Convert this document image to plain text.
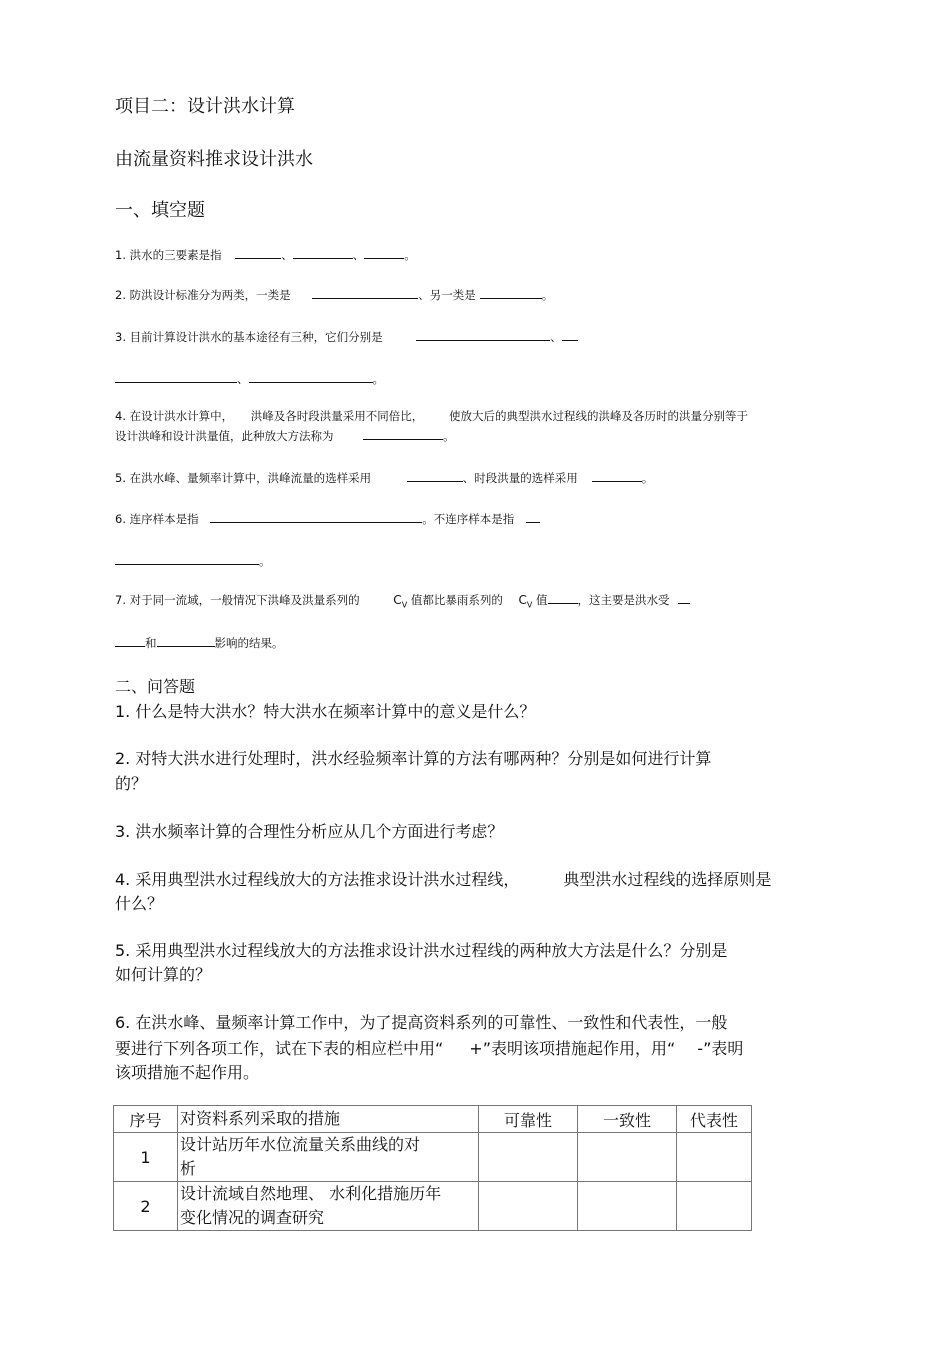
项目二：设计洪水计算
由流量资料推求设计洪水
一、填空题
1. 洪水的三要素是指	、	、	。
2. 防洪设计标准分为两类，一类是	、另一类是	。
3. 目前计算设计洪水的基本途径有三种，它们分别是	、
、	。
4. 在设计洪水计算中， 洪峰及各时段洪量采用不同倍比， 使放大后的典型洪水过程线的洪峰及各历时的洪量分别等于
设计洪峰和设计洪量值，此种放大方法称为	。
5. 在洪水峰、量频率计算中，洪峰流量的选样采用	、时段洪量的选样采用	。
6. 连序样本是指	。不连序样本是指
。
7. 对于同一流域，一般情况下洪峰及洪量系列的	$C_V$ 值都比暴雨系列的 $C_V$ 值	，这主要是洪水受
和	影响的结果。
二、问答题
1. 什么是特大洪水？特大洪水在频率计算中的意义是什么？
2. 对特大洪水进行处理时，洪水经验频率计算的方法有哪两种？分别是如何进行计算
的？
3. 洪水频率计算的合理性分析应从几个方面进行考虑？
4. 采用典型洪水过程线放大的方法推求设计洪水过程线，	典型洪水过程线的选择原则是
什么？
5. 采用典型洪水过程线放大的方法推求设计洪水过程线的两种放大方法是什么？分别是
如何计算的？
6. 在洪水峰、量频率计算工作中，为了提高资料系列的可靠性、一致性和代表性，一般
要进行下列各项工作，试在下表的相应栏中用“ +”表明该项措施起作用，用“ -”表明
该项措施不起作用。
序号	对资料系列采取的措施	可靠性	一致性	代表性
1	设计站历年水位流量关系曲线的对
析			

2	设计流域自然地理、 水利化措施历年
变化情况的调查研究			
